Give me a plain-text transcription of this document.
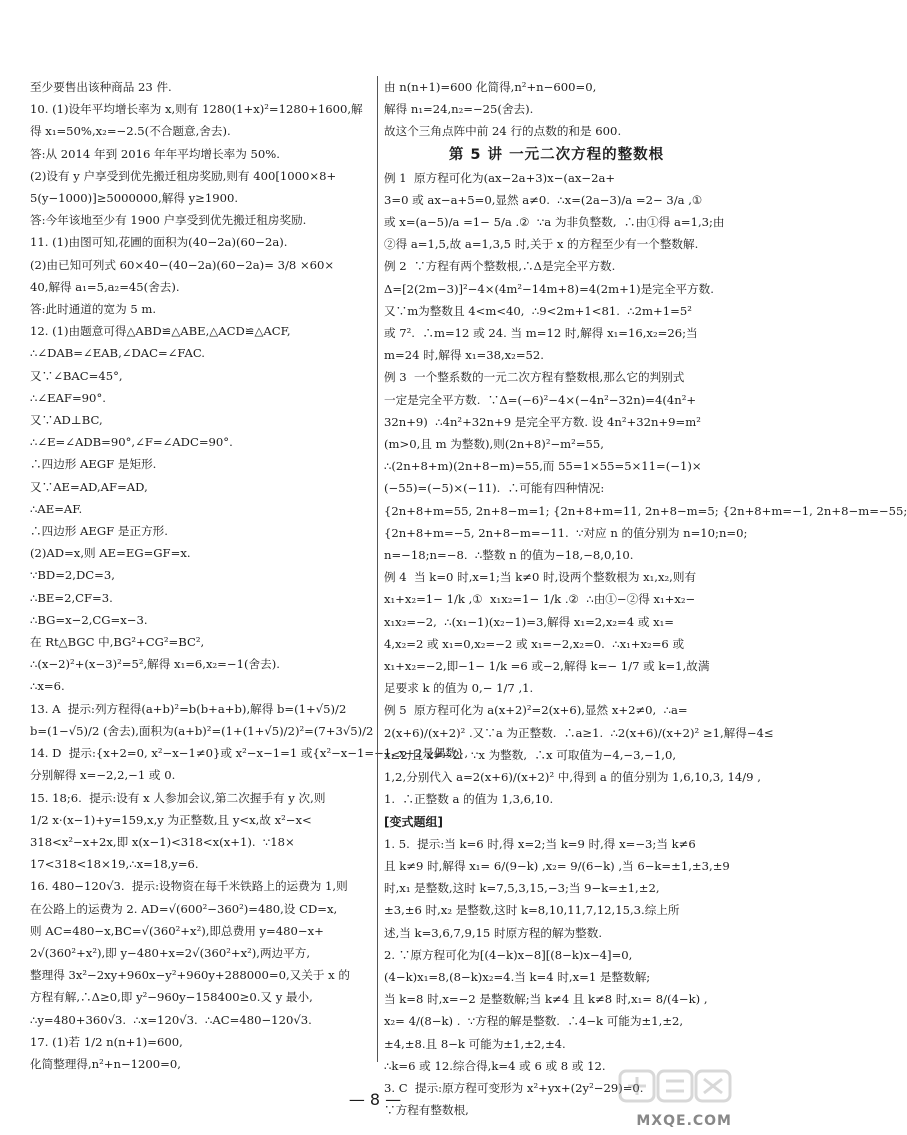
至少要售出该种商品 23 件.
10. (1)设年平均增长率为 x,则有 1280(1+x)²=1280+1600,解
得 x₁=50%,x₂=−2.5(不合题意,舍去).
答:从 2014 年到 2016 年年平均增长率为 50%.
(2)设有 y 户享受到优先搬迁租房奖励,则有 400[1000×8+
5(y−1000)]≥5000000,解得 y≥1900.
答:今年该地至少有 1900 户享受到优先搬迁租房奖励.
11. (1)由图可知,花圃的面积为(40−2a)(60−2a).
(2)由已知可列式 60×40−(40−2a)(60−2a)= 3/8 ×60×
40,解得 a₁=5,a₂=45(舍去).
答:此时通道的宽为 5 m.
12. (1)由题意可得△ABD≌△ABE,△ACD≌△ACF,
∴∠DAB=∠EAB,∠DAC=∠FAC.
又∵∠BAC=45°,
∴∠EAF=90°.
又∵AD⊥BC,
∴∠E=∠ADB=90°,∠F=∠ADC=90°.
∴四边形 AEGF 是矩形.
又∵AE=AD,AF=AD,
∴AE=AF.
∴四边形 AEGF 是正方形.
(2)AD=x,则 AE=EG=GF=x.
∵BD=2,DC=3,
∴BE=2,CF=3.
∴BG=x−2,CG=x−3.
在 Rt△BGC 中,BG²+CG²=BC²,
∴(x−2)²+(x−3)²=5²,解得 x₁=6,x₂=−1(舍去).
∴x=6.
13. A  提示:列方程得(a+b)²=b(b+a+b),解得 b=(1+√5)/2
b=(1−√5)/2 (舍去),面积为(a+b)²=(1+(1+√5)/2)²=(7+3√5)/2
14. D  提示:{x+2=0, x²−x−1≠0}或 x²−x−1=1 或{x²−x−1=−1, x+2是偶数},
分别解得 x=−2,2,−1 或 0.
15. 18;6.  提示:设有 x 人参加会议,第二次握手有 y 次,则
1/2 x·(x−1)+y=159,x,y 为正整数,且 y<x,故 x²−x<
318<x²−x+2x,即 x(x−1)<318<x(x+1).  ∵18×
17<318<18×19,∴x=18,y=6.
16. 480−120√3.  提示:设物资在每千米铁路上的运费为 1,则
在公路上的运费为 2. AD=√(600²−360²)=480,设 CD=x,
则 AC=480−x,BC=√(360²+x²),即总费用 y=480−x+
2√(360²+x²),即 y−480+x=2√(360²+x²),两边平方,
整理得 3x²−2xy+960x−y²+960y+288000=0,又关于 x 的
方程有解,∴Δ≥0,即 y²−960y−158400≥0.又 y 最小,
∴y=480+360√3.  ∴x=120√3.  ∴AC=480−120√3.
17. (1)若 1/2 n(n+1)=600,
化简整理得,n²+n−1200=0,
由 n(n+1)=600 化简得,n²+n−600=0,
解得 n₁=24,n₂=−25(舍去).
故这个三角点阵中前 24 行的点数的和是 600.
第 5 讲 一元二次方程的整数根
例 1  原方程可化为(ax−2a+3)x−(ax−2a+
3=0 或 ax−a+5=0,显然 a≠0.  ∴x=(2a−3)/a =2− 3/a ,①
或 x=(a−5)/a =1− 5/a .②  ∵a 为非负整数,  ∴由①得 a=1,3;由
②得 a=1,5,故 a=1,3,5 时,关于 x 的方程至少有一个整数解.
例 2  ∵方程有两个整数根,∴Δ是完全平方数.
Δ=[2(2m−3)]²−4×(4m²−14m+8)=4(2m+1)是完全平方数.
又∵m为整数且 4<m<40,  ∴9<2m+1<81.  ∴2m+1=5²
或 7².  ∴m=12 或 24. 当 m=12 时,解得 x₁=16,x₂=26;当
m=24 时,解得 x₁=38,x₂=52.
例 3  一个整系数的一元二次方程有整数根,那么它的判别式
一定是完全平方数.  ∵Δ=(−6)²−4×(−4n²−32n)=4(4n²+
32n+9)  ∴4n²+32n+9 是完全平方数. 设 4n²+32n+9=m²
(m>0,且 m 为整数),则(2n+8)²−m²=55,
∴(2n+8+m)(2n+8−m)=55,而 55=1×55=5×11=(−1)×
(−55)=(−5)×(−11).  ∴可能有四种情况:
{2n+8+m=55, 2n+8−m=1; {2n+8+m=11, 2n+8−m=5; {2n+8+m=−1, 2n+8−m=−55;
{2n+8+m=−5, 2n+8−m=−11.  ∵对应 n 的值分别为 n=10;n=0;
n=−18;n=−8.  ∴整数 n 的值为−18,−8,0,10.
例 4  当 k=0 时,x=1;当 k≠0 时,设两个整数根为 x₁,x₂,则有
x₁+x₂=1− 1/k ,①  x₁x₂=1− 1/k .②  ∴由①−②得 x₁+x₂−
x₁x₂=−2,  ∴(x₁−1)(x₂−1)=3,解得 x₁=2,x₂=4 或 x₁=
4,x₂=2 或 x₁=0,x₂=−2 或 x₁=−2,x₂=0.  ∴x₁+x₂=6 或
x₁+x₂=−2,即−1− 1/k =6 或−2,解得 k=− 1/7 或 k=1,故满
足要求 k 的值为 0,− 1/7 ,1.
例 5  原方程可化为 a(x+2)²=2(x+6),显然 x+2≠0,  ∴a=
2(x+6)/(x+2)² .又∵a 为正整数.  ∴a≥1.  ∴2(x+6)/(x+2)² ≥1,解得−4≤
x≤2,且 x≠−2.  ∵x 为整数,  ∴x 可取值为−4,−3,−1,0,
1,2,分别代入 a=2(x+6)/(x+2)² 中,得到 a 的值分别为 1,6,10,3, 14/9 ,
1.  ∴正整数 a 的值为 1,3,6,10.
[变式题组]
1. 5.  提示:当 k=6 时,得 x=2;当 k=9 时,得 x=−3;当 k≠6
且 k≠9 时,解得 x₁= 6/(9−k) ,x₂= 9/(6−k) ,当 6−k=±1,±3,±9
时,x₁ 是整数,这时 k=7,5,3,15,−3;当 9−k=±1,±2,
±3,±6 时,x₂ 是整数,这时 k=8,10,11,7,12,15,3.综上所
述,当 k=3,6,7,9,15 时原方程的解为整数.
2. ∵原方程可化为[(4−k)x−8][(8−k)x−4]=0,
(4−k)x₁=8,(8−k)x₂=4.当 k=4 时,x=1 是整数解;
当 k=8 时,x=−2 是整数解;当 k≠4 且 k≠8 时,x₁= 8/(4−k) ,
x₂= 4/(8−k) .  ∵方程的解是整数.  ∴4−k 可能为±1,±2,
±4,±8.且 8−k 可能为±1,±2,±4.
∴k=6 或 12.综合得,k=4 或 6 或 8 或 12.
3. C  提示:原方程可变形为 x²+yx+(2y²−29)=0.
∵方程有整数根,
— 8 —
MXQE.COM
